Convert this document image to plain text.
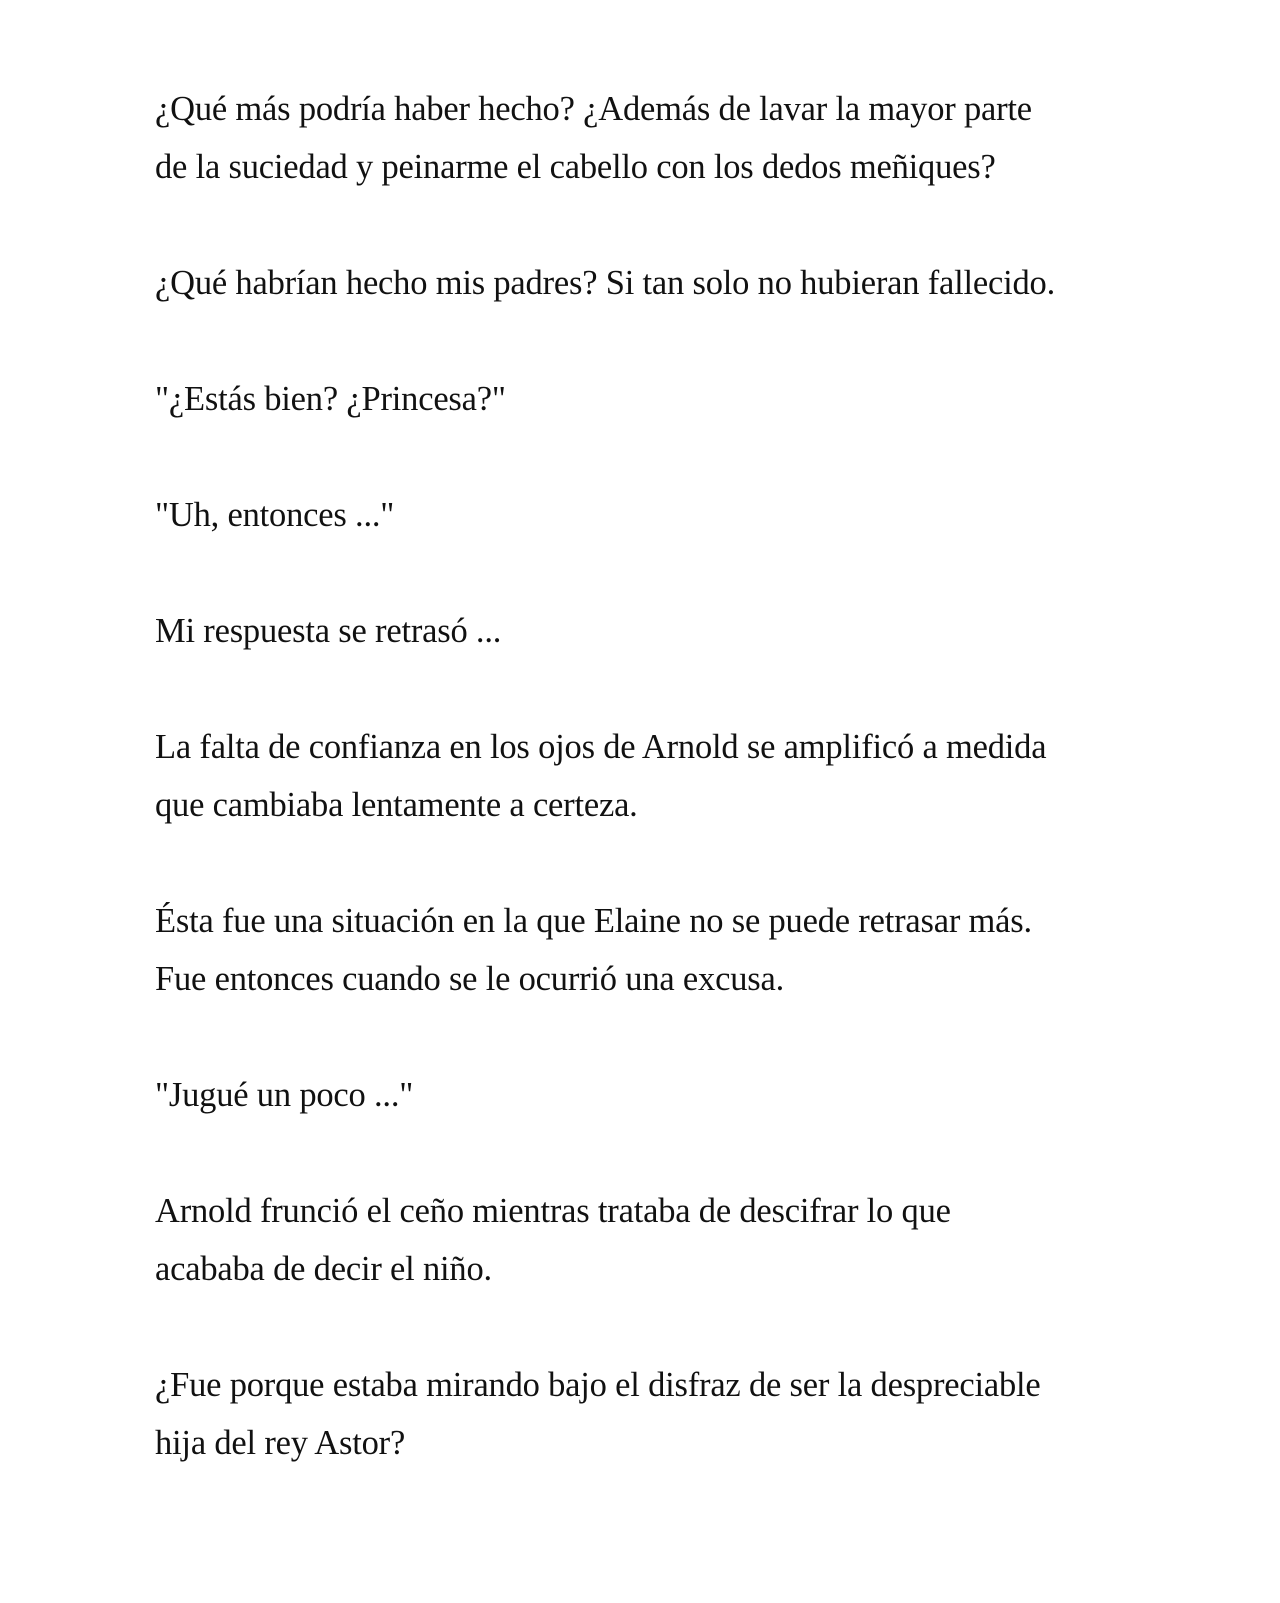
¿Qué más podría haber hecho? ¿Además de lavar la mayor parte
de la suciedad y peinarme el cabello con los dedos meñiques?

¿Qué habrían hecho mis padres? Si tan solo no hubieran fallecido.

"¿Estás bien? ¿Princesa?"

"Uh, entonces ..."

Mi respuesta se retrasó ...

La falta de confianza en los ojos de Arnold se amplificó a medida
que cambiaba lentamente a certeza.

Ésta fue una situación en la que Elaine no se puede retrasar más.
Fue entonces cuando se le ocurrió una excusa.

"Jugué un poco ..."

Arnold frunció el ceño mientras trataba de descifrar lo que
acababa de decir el niño.

¿Fue porque estaba mirando bajo el disfraz de ser la despreciable
hija del rey Astor?
